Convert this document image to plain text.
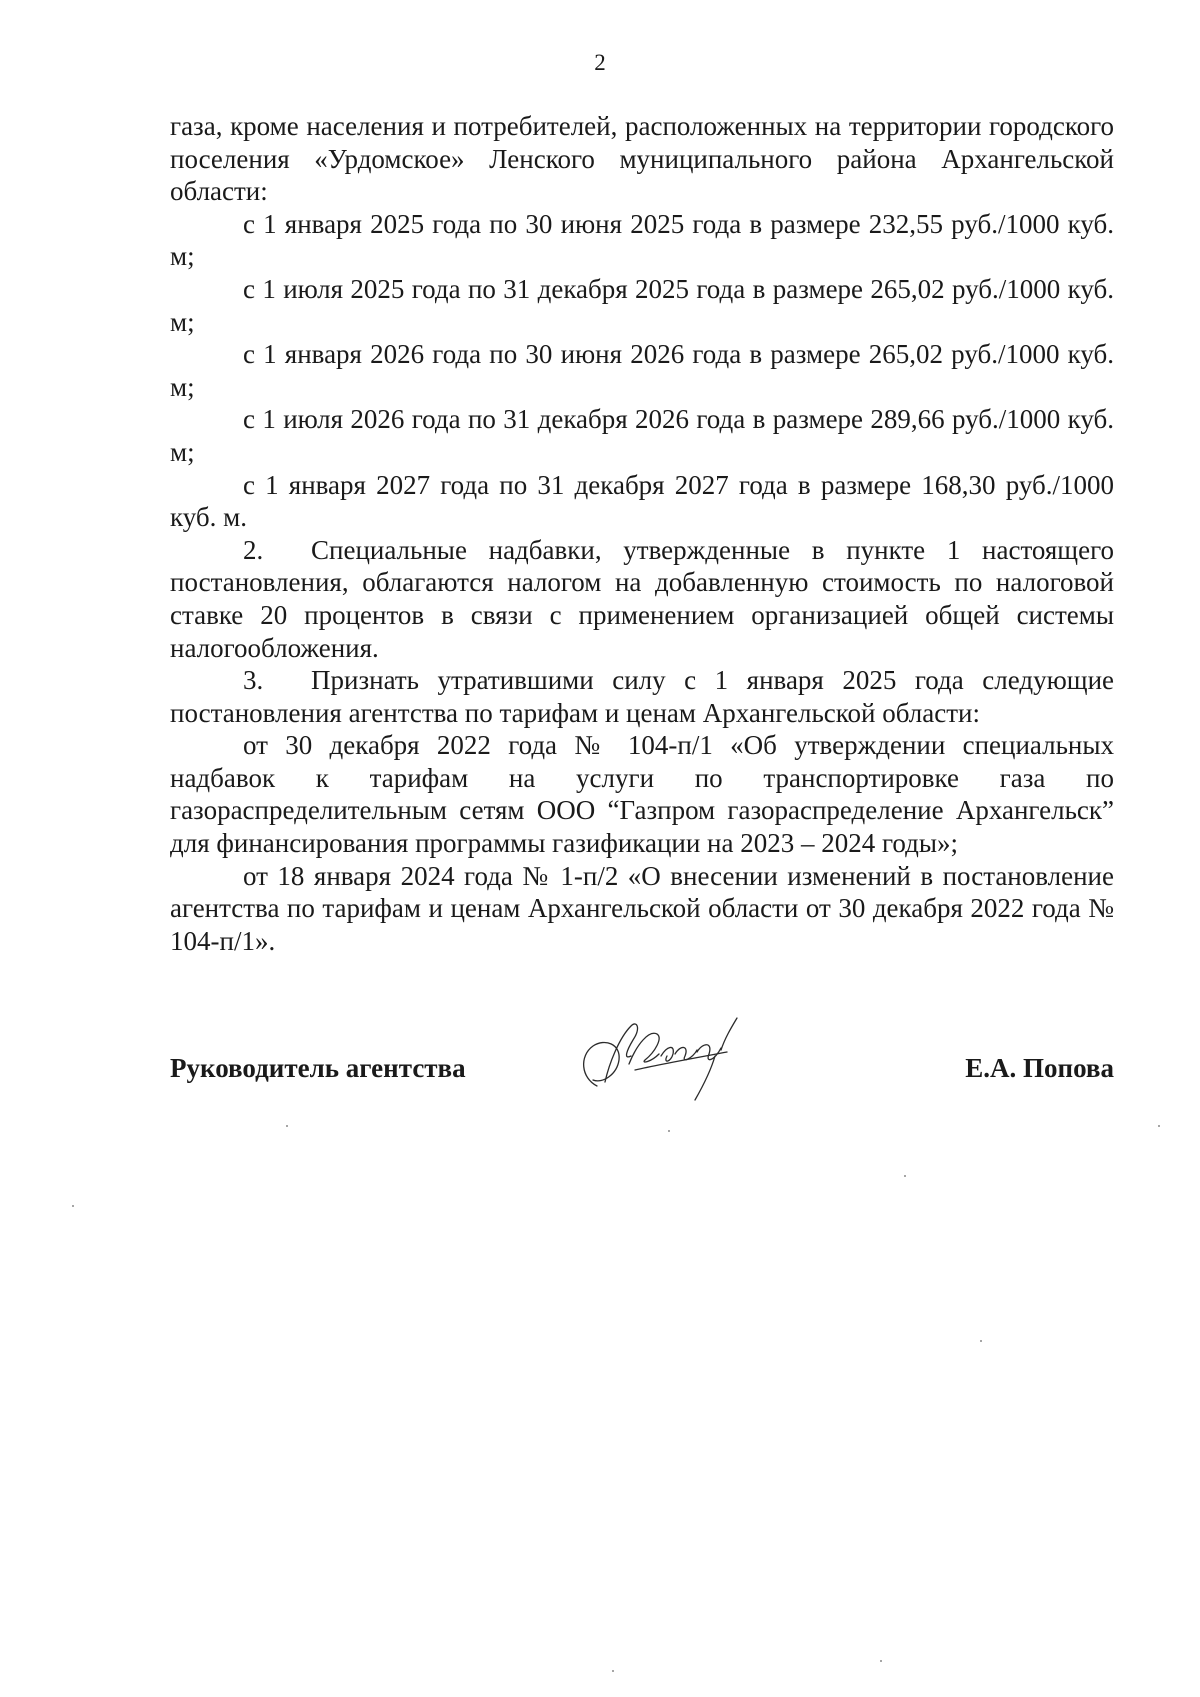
2

газа, кроме населения и потребителей, расположенных на территории городского поселения «Урдомское» Ленского муниципального района Архангельской области:

с 1 января 2025 года по 30 июня 2025 года в размере 232,55 руб./1000 куб. м;

с 1 июля 2025 года по 31 декабря 2025 года в размере 265,02 руб./1000 куб. м;

с 1 января 2026 года по 30 июня 2026 года в размере 265,02 руб./1000 куб. м;

с 1 июля 2026 года по 31 декабря 2026 года в размере 289,66 руб./1000 куб. м;

с 1 января 2027 года по 31 декабря 2027 года в размере 168,30 руб./1000 куб. м.

2. Специальные надбавки, утвержденные в пункте 1 настоящего постановления, облагаются налогом на добавленную стоимость по налоговой ставке 20 процентов в связи с применением организацией общей системы налогообложения.

3. Признать утратившими силу с 1 января 2025 года следующие постановления агентства по тарифам и ценам Архангельской области:

от 30 декабря 2022 года № 104-п/1 «Об утверждении специальных надбавок к тарифам на услуги по транспортировке газа по газораспределительным сетям ООО “Газпром газораспределение Архангельск” для финансирования программы газификации на 2023 – 2024 годы»;

от 18 января 2024 года № 1-п/2 «О внесении изменений в постановление агентства по тарифам и ценам Архангельской области от 30 декабря 2022 года № 104-п/1».

Руководитель агентства	Е.А. Попова
